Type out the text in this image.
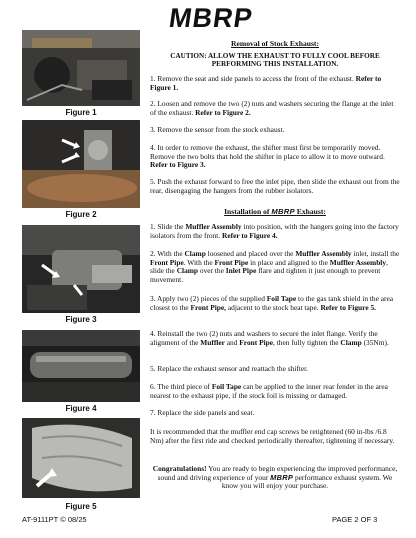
MBRP
Figure 1
Figure 2
Figure 3
Figure 4
Figure 5
Removal of Stock Exhaust:
CAUTION: ALLOW THE EXHAUST TO FULLY COOL BEFORE PERFORMING THIS INSTALLATION.
1. Remove the seat and side panels to access the front of the exhaust. Refer to Figure 1.
2. Loosen and remove the two (2) nuts and washers securing the flange at the inlet of the exhaust. Refer to Figure 2.
3. Remove the sensor from the stock exhaust.
4. In order to remove the exhaust, the shifter must first be temporarily moved. Remove the two bolts that hold the shifter in place to allow it to move outward. Refer to Figure 3.
5. Push the exhaust forward to free the inlet pipe, then slide the exhaust out from the rear, disengaging the hangers from the rubber isolators.
Installation of MBRP Exhaust:
1. Slide the Muffler Assembly into position, with the hangers going into the factory isolators from the front. Refer to Figure 4.
2. With the Clamp loosened and placed over the Muffler Assembly inlet, install the Front Pipe. With the Front Pipe in place and aligned to the Muffler Assembly, slide the Clamp over the Inlet Pipe flare and tighten it just enough to prevent movement.
3. Apply two (2) pieces of the supplied Foil Tape to the gas tank shield in the area closest to the Front Pipe, adjacent to the stock heat tape. Refer to Figure 5.
4. Reinstall the two (2) nuts and washers to secure the inlet flange. Verify the alignment of the Muffler and Front Pipe, then fully tighten the Clamp (35Nm).
5. Replace the exhaust sensor and reattach the shifter.
6. The third piece of Foil Tape can be applied to the inner rear fender in the area nearest to the exhaust pipe, if the stock foil is missing or damaged.
7. Replace the side panels and seat.
It is recommended that the muffler end cap screws be retightened (60 in-lbs /6.8 Nm) after the first ride and checked periodically thereafter, tightening if necessary.
Congratulations! You are ready to begin experiencing the improved performance, sound and driving experience of your MBRP performance exhaust system. We know you will enjoy your purchase.
AT-9111PT © 08/25	PAGE 2 OF 3
